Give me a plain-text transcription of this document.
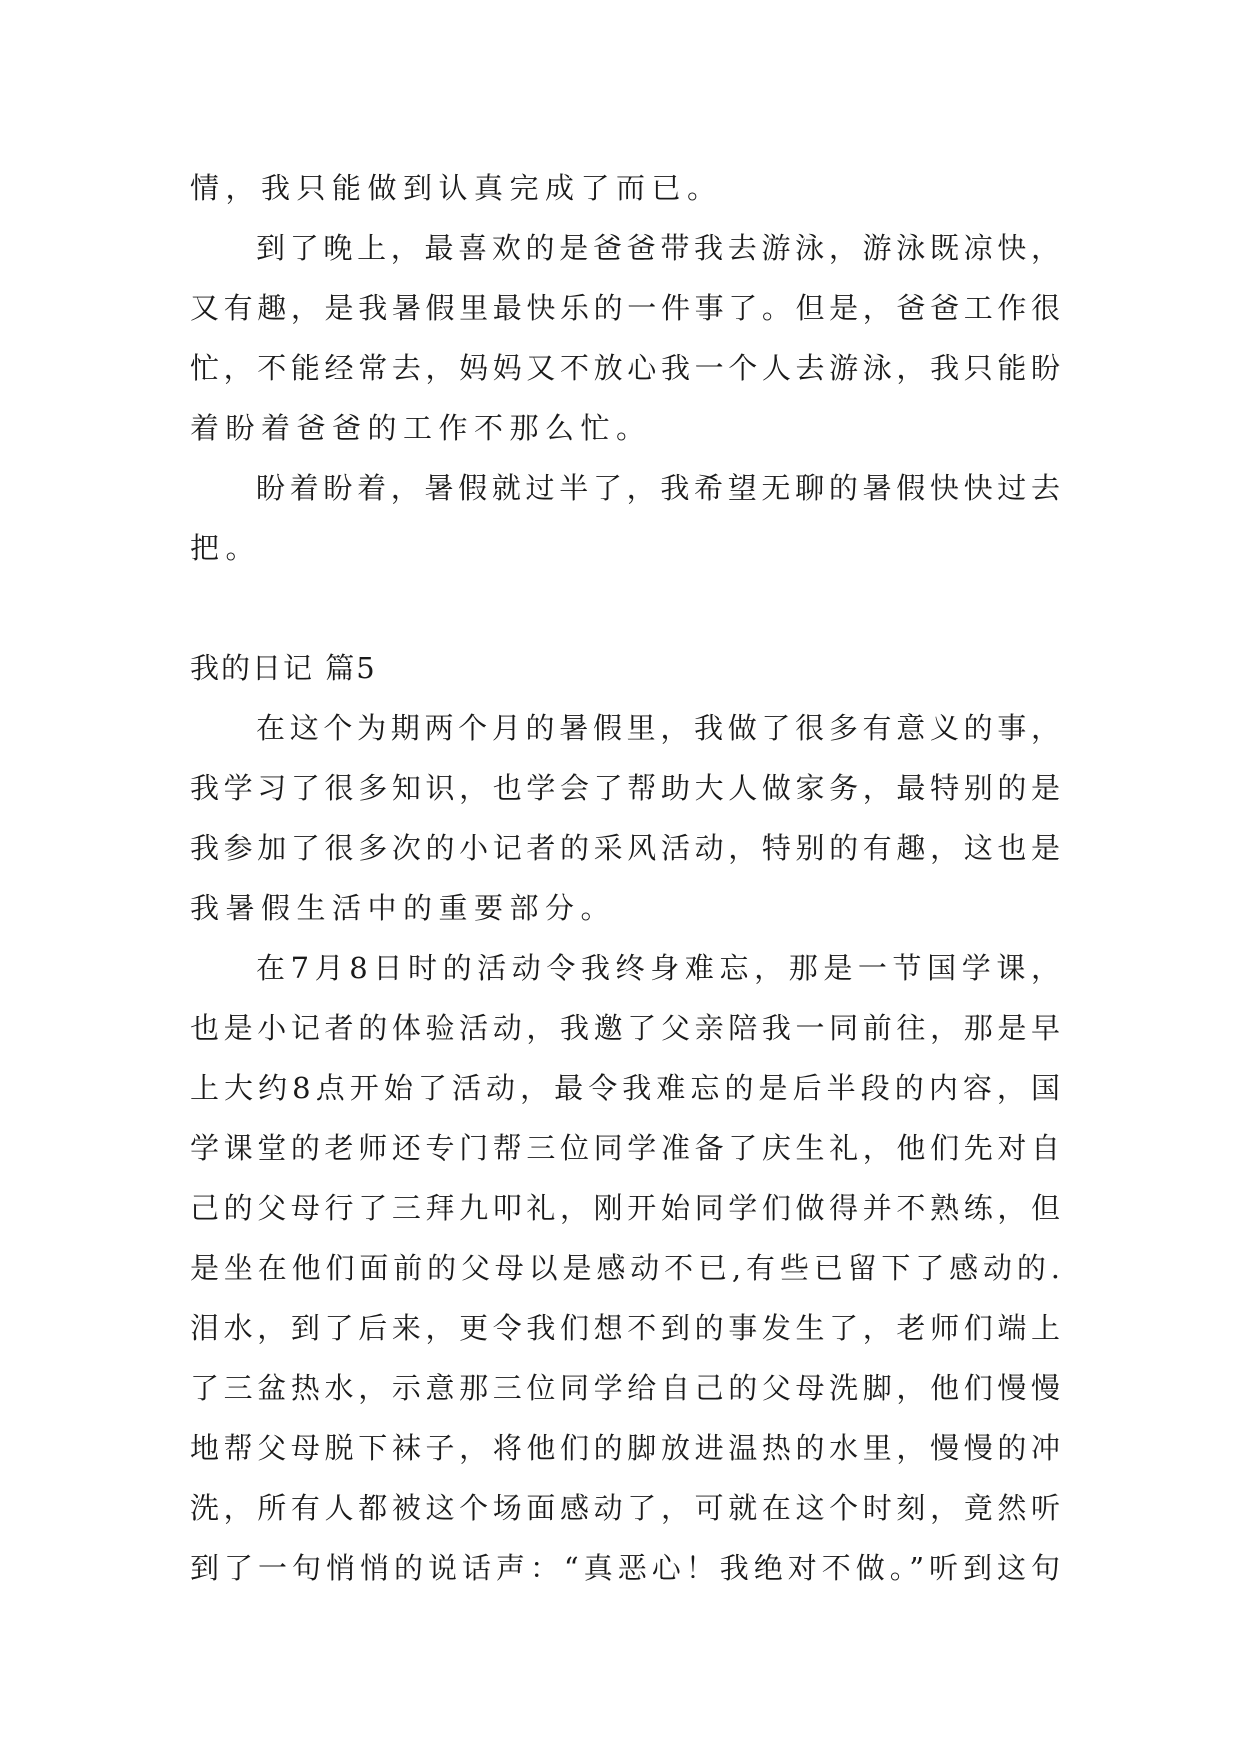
情，我只能做到认真完成了而已。
到了晚上，最喜欢的是爸爸带我去游泳，游泳既凉快，
又有趣，是我暑假里最快乐的一件事了。但是，爸爸工作很
忙，不能经常去，妈妈又不放心我一个人去游泳，我只能盼
着盼着爸爸的工作不那么忙。
盼着盼着，暑假就过半了，我希望无聊的暑假快快过去
把。
我的日记 篇5
在这个为期两个月的暑假里，我做了很多有意义的事，
我学习了很多知识，也学会了帮助大人做家务，最特别的是
我参加了很多次的小记者的采风活动，特别的有趣，这也是
我暑假生活中的重要部分。
在7月8日时的活动令我终身难忘，那是一节国学课，
也是小记者的体验活动，我邀了父亲陪我一同前往，那是早
上大约8点开始了活动，最令我难忘的是后半段的内容，国
学课堂的老师还专门帮三位同学准备了庆生礼，他们先对自
己的父母行了三拜九叩礼，刚开始同学们做得并不熟练，但
是坐在他们面前的父母以是感动不已,有些已留下了感动的.
泪水，到了后来，更令我们想不到的事发生了，老师们端上
了三盆热水，示意那三位同学给自己的父母洗脚，他们慢慢
地帮父母脱下袜子，将他们的脚放进温热的水里，慢慢的冲
洗，所有人都被这个场面感动了，可就在这个时刻，竟然听
到了一句悄悄的说话声：“真恶心！我绝对不做。”听到这句
